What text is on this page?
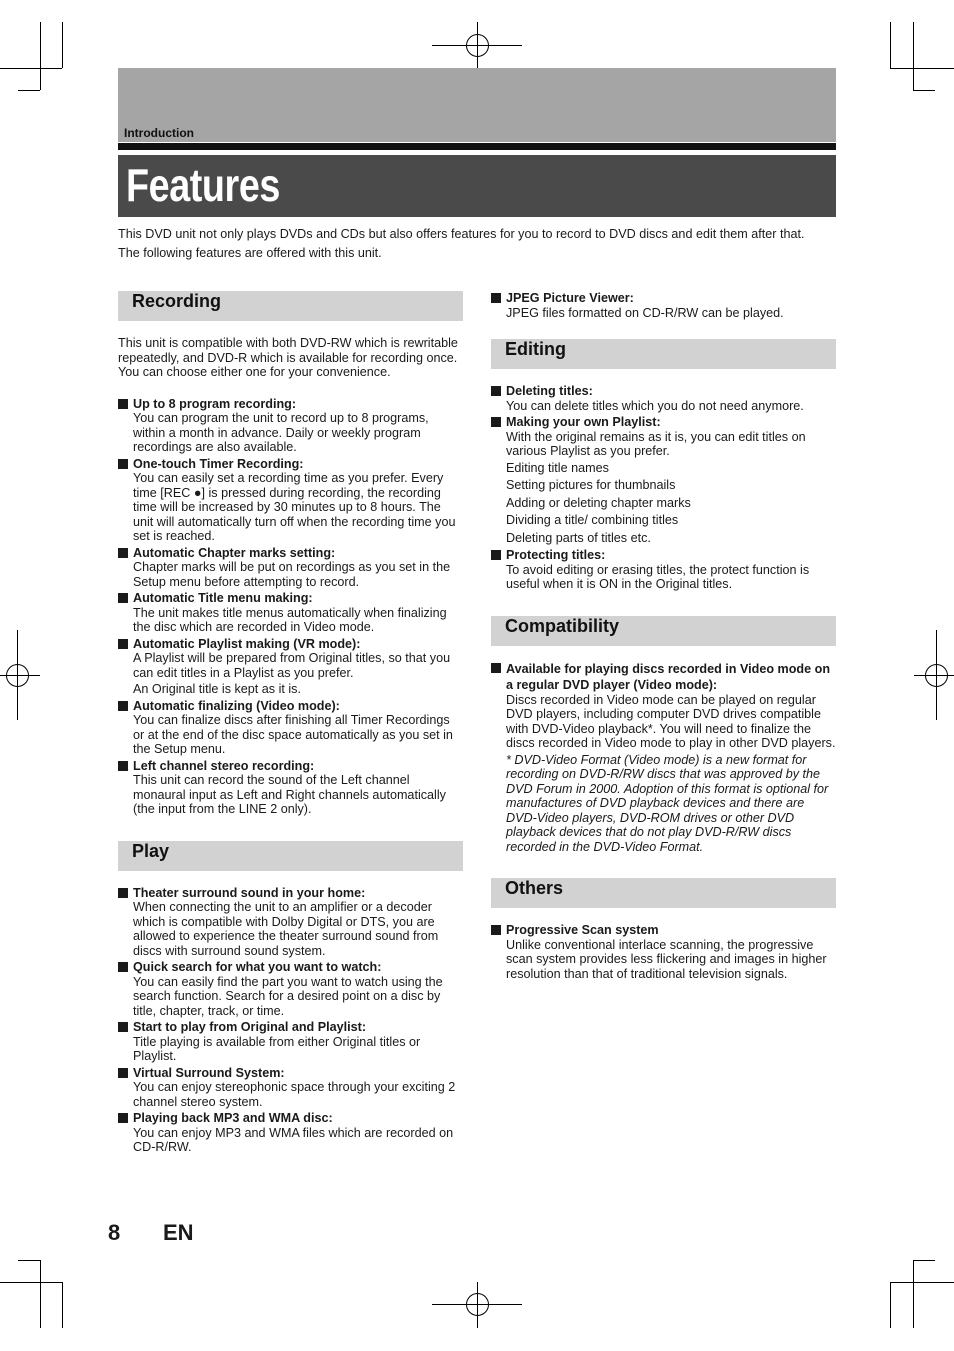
Introduction
Features

This DVD unit not only plays DVDs and CDs but also offers features for you to record to DVD discs and edit them after that.

The following features are offered with this unit.

Recording

This unit is compatible with both DVD-RW which is rewritable repeatedly, and DVD-R which is available for recording once. You can choose either one for your convenience.

Up to 8 program recording:
You can program the unit to record up to 8 programs, within a month in advance. Daily or weekly program recordings are also available.
One-touch Timer Recording:
You can easily set a recording time as you prefer. Every time [REC ●] is pressed during recording, the recording time will be increased by 30 minutes up to 8 hours. The unit will automatically turn off when the recording time you set is reached.
Automatic Chapter marks setting:
Chapter marks will be put on recordings as you set in the Setup menu before attempting to record.
Automatic Title menu making:
The unit makes title menus automatically when finalizing the disc which are recorded in Video mode.
Automatic Playlist making (VR mode):
A Playlist will be prepared from Original titles, so that you can edit titles in a Playlist as you prefer.
An Original title is kept as it is.
Automatic finalizing (Video mode):
You can finalize discs after finishing all Timer Recordings or at the end of the disc space automatically as you set in the Setup menu.
Left channel stereo recording:
This unit can record the sound of the Left channel monaural input as Left and Right channels automatically (the input from the LINE 2 only).
Play
Theater surround sound in your home:
When connecting the unit to an amplifier or a decoder which is compatible with Dolby Digital or DTS, you are allowed to experience the theater surround sound from discs with surround sound system.
Quick search for what you want to watch:
You can easily find the part you want to watch using the search function. Search for a desired point on a disc by title, chapter, track, or time.
Start to play from Original and Playlist:
Title playing is available from either Original titles or Playlist.
Virtual Surround System:
You can enjoy stereophonic space through your exciting 2 channel stereo system.
Playing back MP3 and WMA disc:
You can enjoy MP3 and WMA files which are recorded on CD-R/RW.
JPEG Picture Viewer:
JPEG files formatted on CD-R/RW can be played.
Editing
Deleting titles:
You can delete titles which you do not need anymore.
Making your own Playlist:
With the original remains as it is, you can edit titles on various Playlist as you prefer.
Editing title names
Setting pictures for thumbnails
Adding or deleting chapter marks
Dividing a title/ combining titles
Deleting parts of titles etc.
Protecting titles:
To avoid editing or erasing titles, the protect function is useful when it is ON in the Original titles.
Compatibility
Available for playing discs recorded in Video mode on a regular DVD player (Video mode):
Discs recorded in Video mode can be played on regular DVD players, including computer DVD drives compatible with DVD-Video playback*. You will need to finalize the discs recorded in Video mode to play in other DVD players.
* DVD-Video Format (Video mode) is a new format for recording on DVD-R/RW discs that was approved by the DVD Forum in 2000. Adoption of this format is optional for manufactures of DVD playback devices and there are DVD-Video players, DVD-ROM drives or other DVD playback devices that do not play DVD-R/RW discs recorded in the DVD-Video Format.
Others
Progressive Scan system
Unlike conventional interlace scanning, the progressive scan system provides less flickering and images in higher resolution than that of traditional television signals.
8 EN
